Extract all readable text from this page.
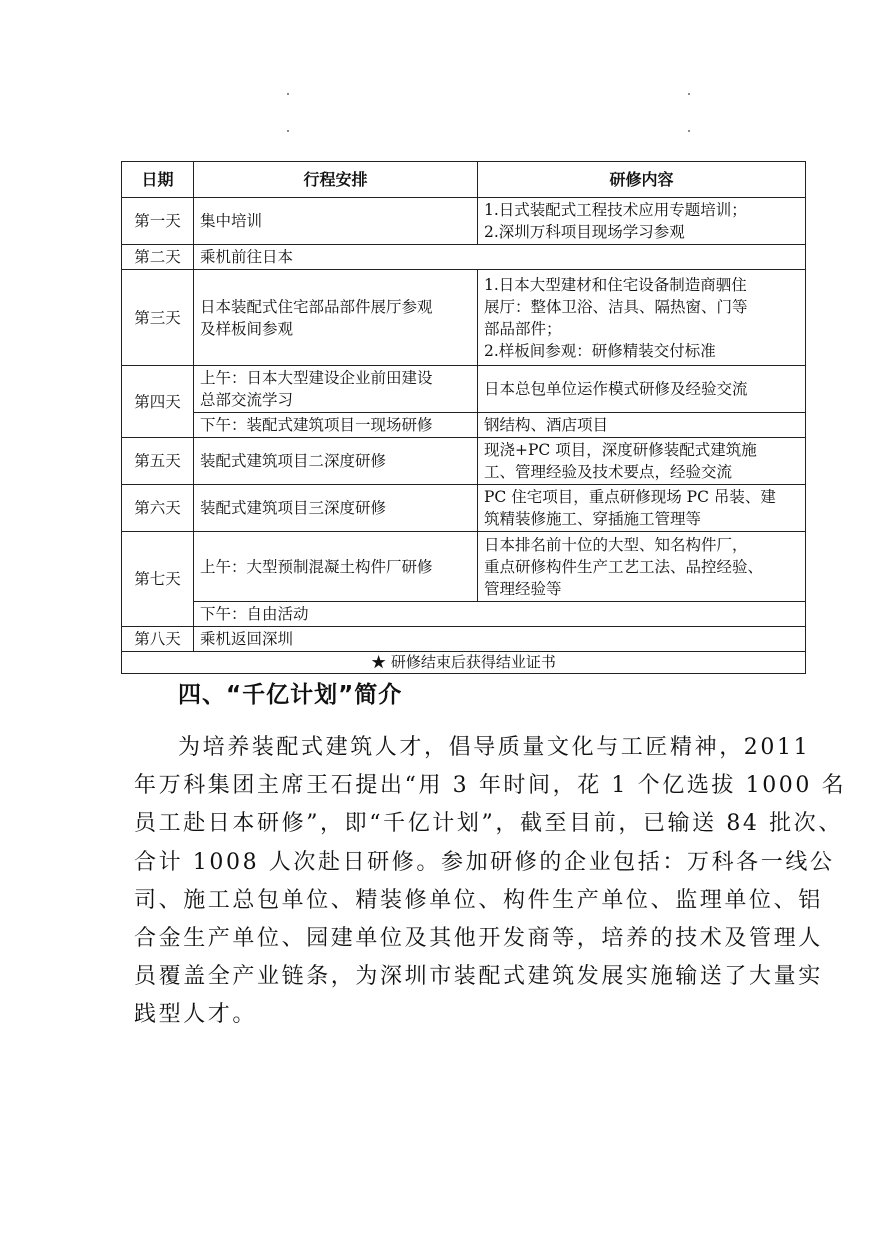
日期	行程安排	研修内容
第一天	集中培训	1.日式装配式工程技术应用专题培训；
2.深圳万科项目现场学习参观

第二天	乘机前往日本	
第三天	日本装配式住宅部品部件展厅参观
及样板间参观	1.日本大型建材和住宅设备制造商驷住
展厅：整体卫浴、洁具、隔热窗、门等
部品部件；
2.样板间参观：研修精装交付标准

第四天	上午：日本大型建设企业前田建设
总部交流学习	日本总包单位运作模式研修及经验交流
	下午：装配式建筑项目一现场研修	钢结构、酒店项目
第五天	装配式建筑项目二深度研修	现浇+PC 项目，深度研修装配式建筑施
工、管理经验及技术要点，经验交流

第六天	装配式建筑项目三深度研修	PC 住宅项目，重点研修现场 PC 吊装、建
筑精装修施工、穿插施工管理等

第七天	上午：大型预制混凝土构件厂研修	日本排名前十位的大型、知名构件厂，
重点研修构件生产工艺工法、品控经验、
管理经验等

	下午：自由活动	
第八天	乘机返回深圳	
★ 研修结束后获得结业证书		
四、“千亿计划”简介
为培养装配式建筑人才，倡导质量文化与工匠精神，2011
年万科集团主席王石提出“用 3 年时间，花 1 个亿选拔 1000 名
员工赴日本研修”，即“千亿计划”，截至目前，已输送 84 批次、
合计 1008 人次赴日研修。参加研修的企业包括：万科各一线公
司、施工总包单位、精装修单位、构件生产单位、监理单位、铝
合金生产单位、园建单位及其他开发商等，培养的技术及管理人
员覆盖全产业链条，为深圳市装配式建筑发展实施输送了大量实
践型人才。
